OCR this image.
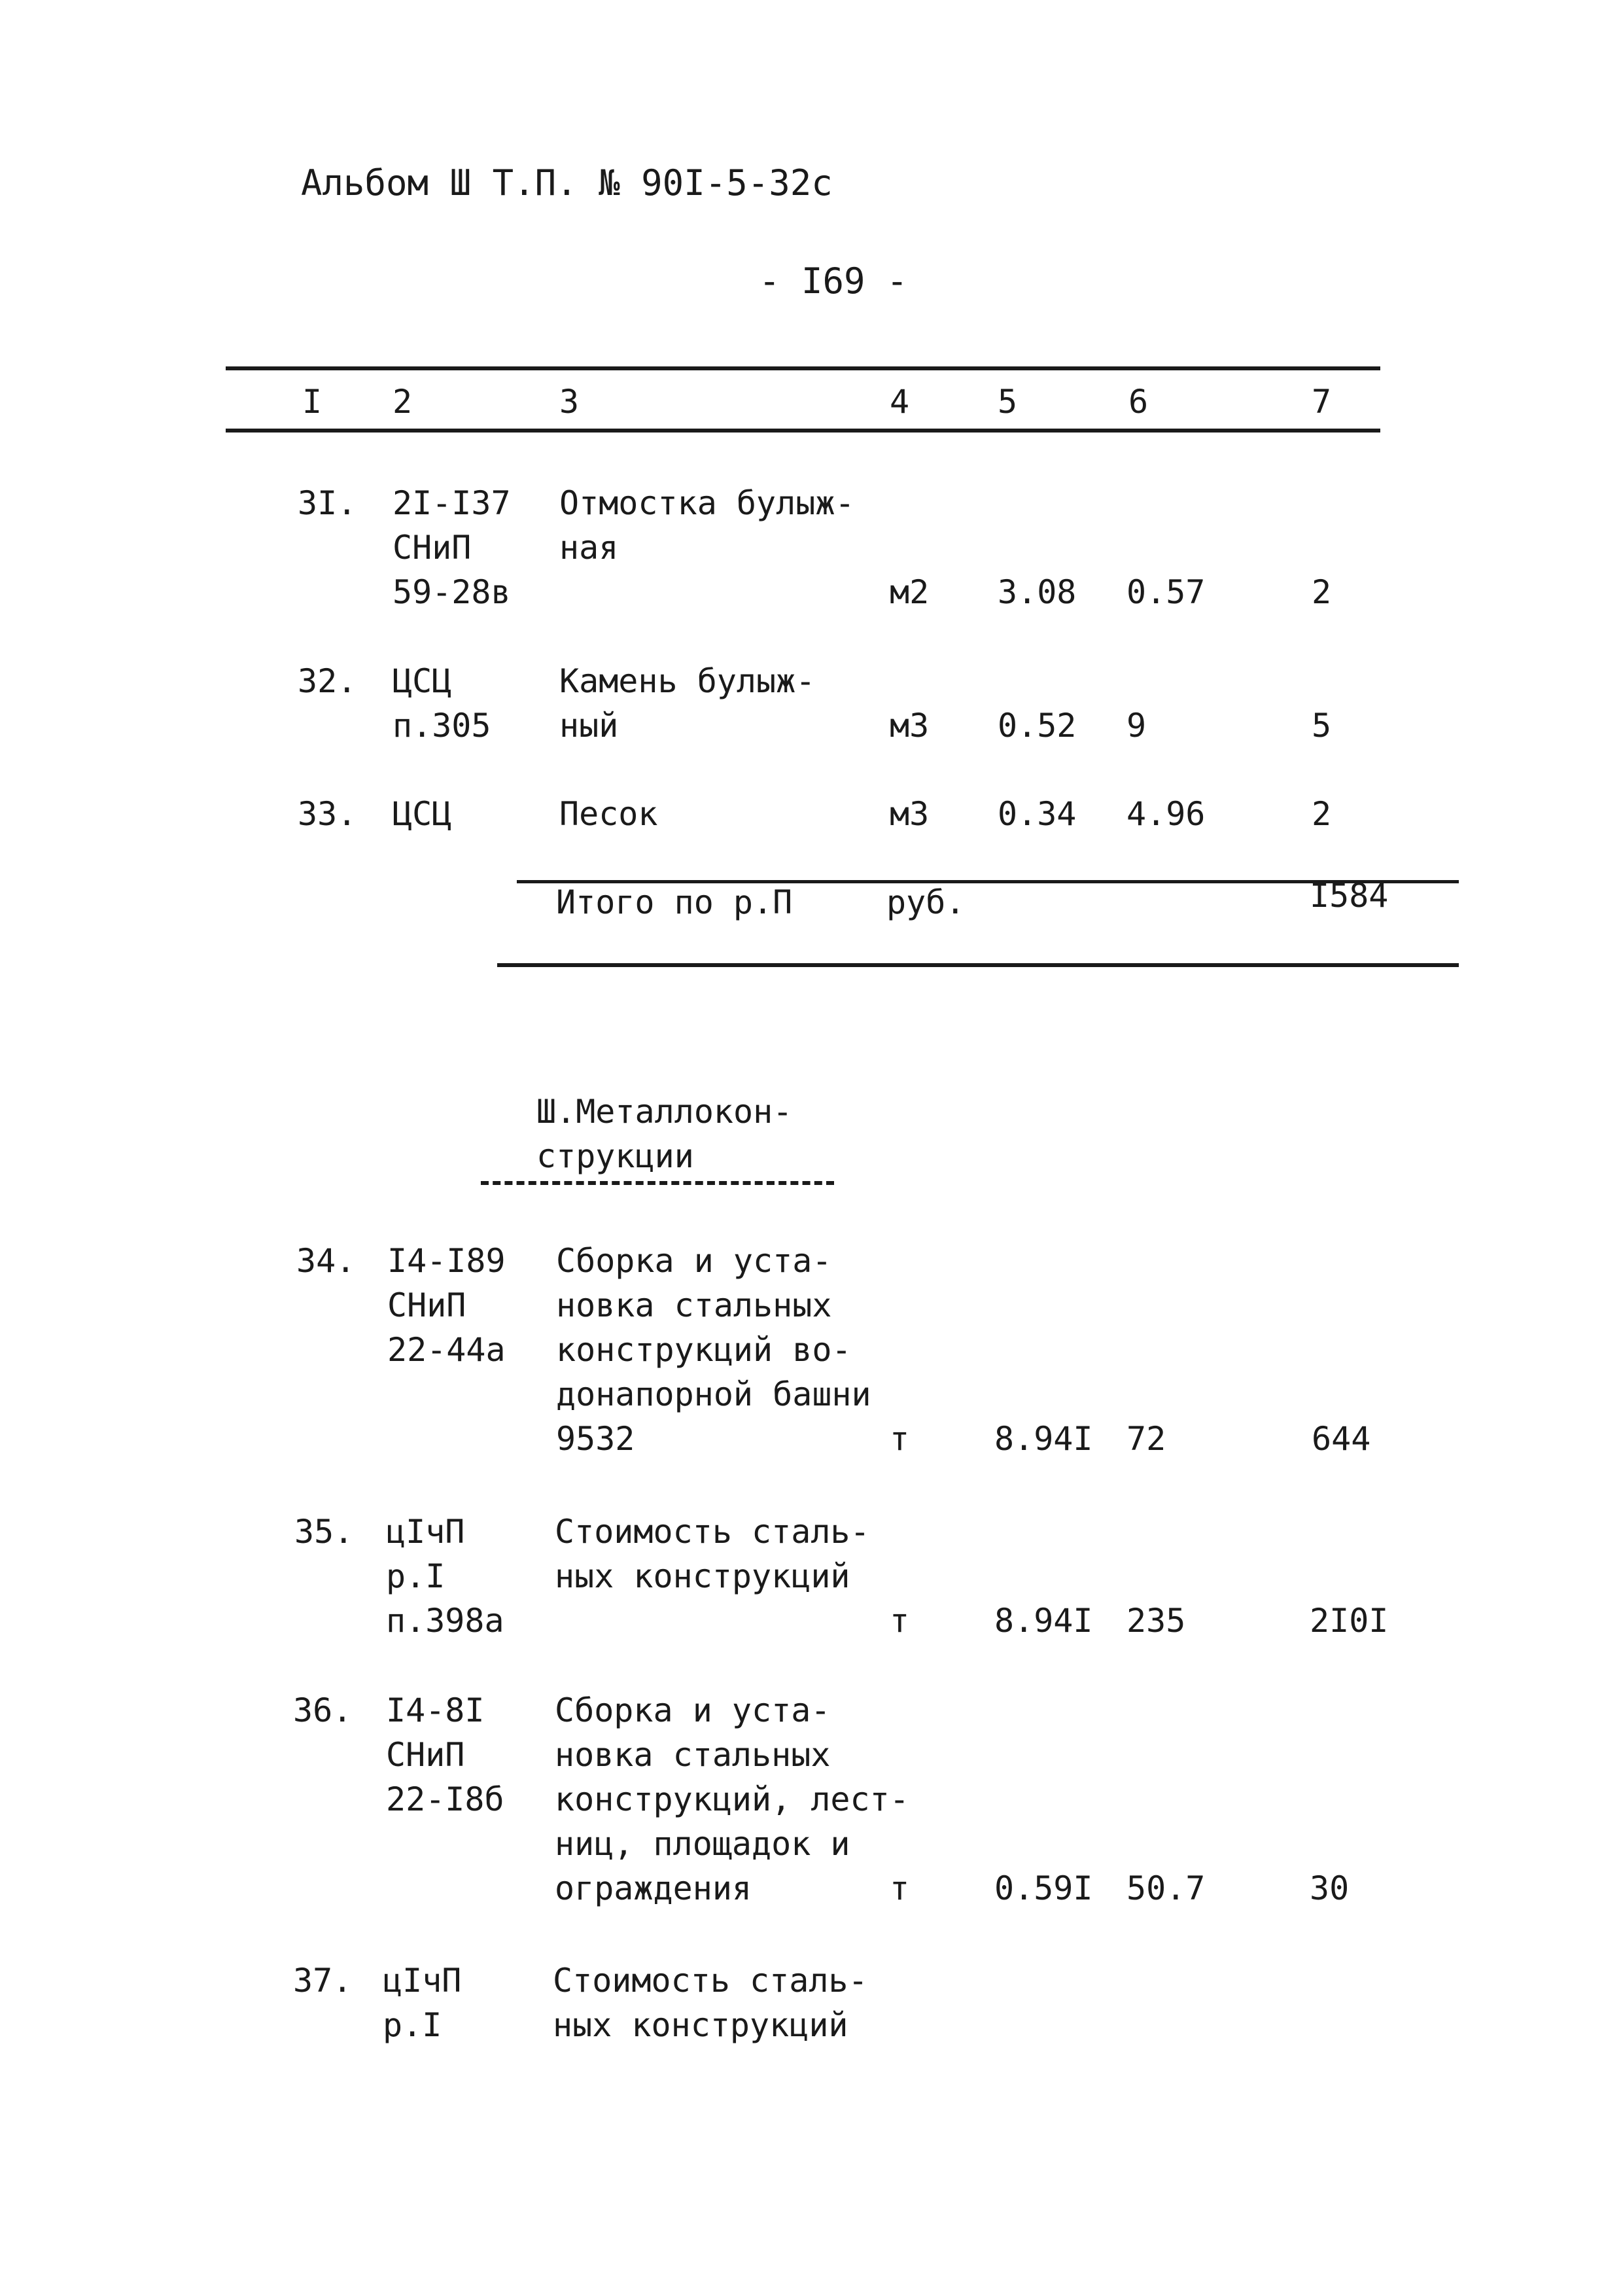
Альбом Ш Т.П. № 90I-5-32с
- I69 -
I 2	3	4	5	6	7
3I. 2I-I37
СНиП
59-28в
Отмостка булыж-
ная
м2 3.08 0.57	2
32. ЦСЦ
п.305
Камень булыж-
ный	м3 0.52 9	5
33. ЦСЦ	Песок	м3 0.34 4.96	2
Итого по р.П	руб.	I584
Ш.Металлокон-
струкции
34. I4-I89
СНиП
22-44а
Сборка и уста-
новка стальных
конструкций во-
донапорной башни
9532	т	8.94I 72	644
35. цIчП
р.I
п.398а
Стоимость сталь-
ных конструкций
т	8.94I 235	2I0I
36. I4-8I
СНиП
22-I8б
Сборка и уста-
новка стальных
конструкций, лест-
ниц, площадок и
ограждения	т	0.59I 50.7	30
37. цIчП
р.I
Стоимость сталь-
ных конструкций
